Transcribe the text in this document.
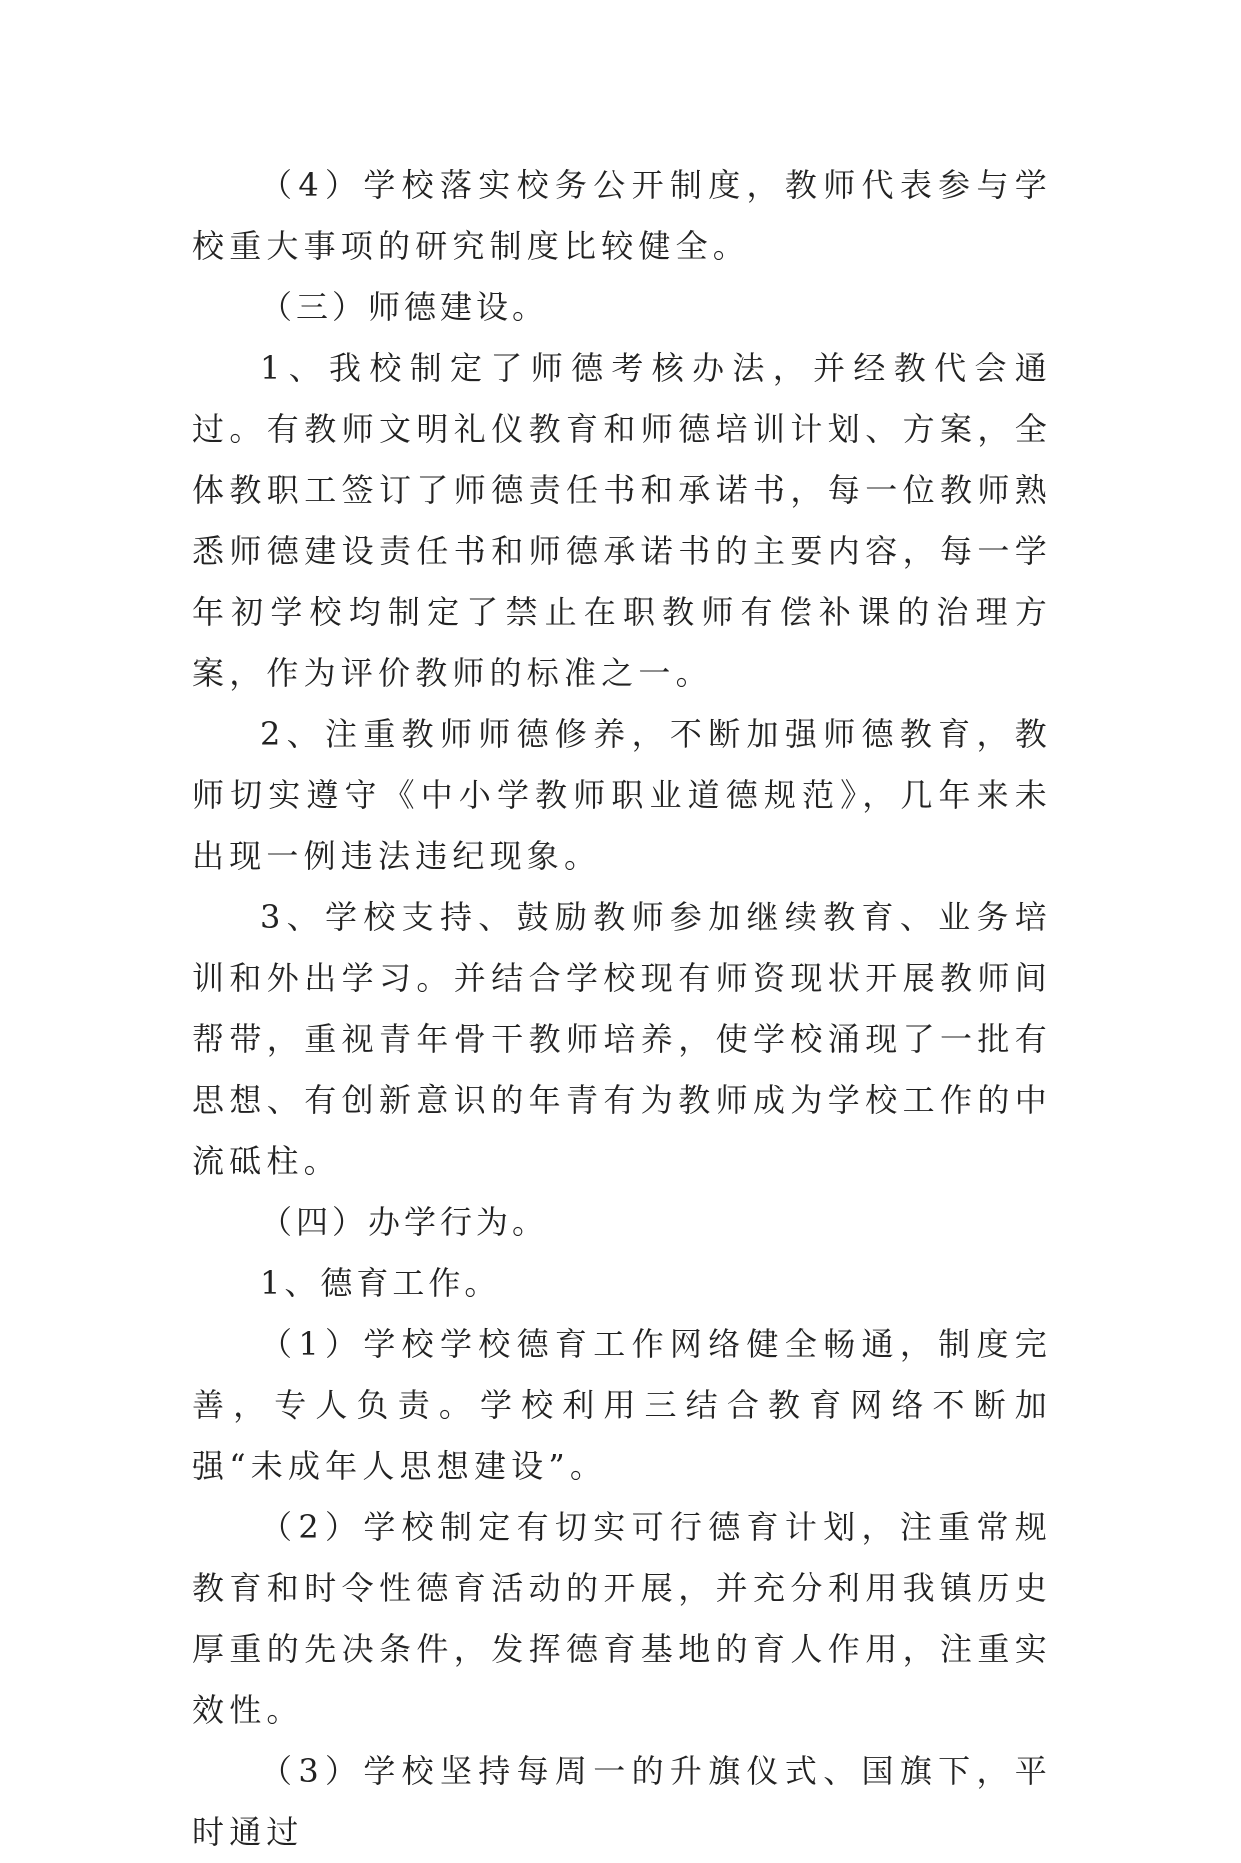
（4）学校落实校务公开制度，教师代表参与学校重大事项的研究制度比较健全。

（三）师德建设。

1、我校制定了师德考核办法，并经教代会通过。有教师文明礼仪教育和师德培训计划、方案，全体教职工签订了师德责任书和承诺书，每一位教师熟悉师德建设责任书和师德承诺书的主要内容，每一学年初学校均制定了禁止在职教师有偿补课的治理方案，作为评价教师的标准之一。

2、注重教师师德修养，不断加强师德教育，教师切实遵守《中小学教师职业道德规范》，几年来未出现一例违法违纪现象。

3、学校支持、鼓励教师参加继续教育、业务培训和外出学习。并结合学校现有师资现状开展教师间帮带，重视青年骨干教师培养，使学校涌现了一批有思想、有创新意识的年青有为教师成为学校工作的中流砥柱。

（四）办学行为。

1、德育工作。

（1）学校学校德育工作网络健全畅通，制度完善，专人负责。学校利用三结合教育网络不断加强“未成年人思想建设”。

（2）学校制定有切实可行德育计划，注重常规教育和时令性德育活动的开展，并充分利用我镇历史厚重的先决条件，发挥德育基地的育人作用，注重实效性。

（3）学校坚持每周一的升旗仪式、国旗下，平时通过
